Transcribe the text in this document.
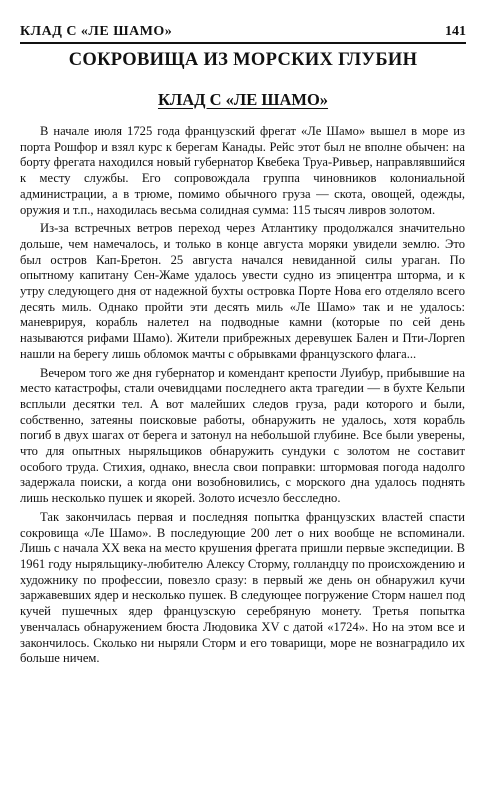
КЛАД С «ЛЕ ШАМО»	141
СОКРОВИЩА ИЗ МОРСКИХ ГЛУБИН
КЛАД С «ЛЕ ШАМО»

В начале июля 1725 года французский фрегат «Ле Шамо» вышел в море из порта Рошфор и взял курс к берегам Канады. Рейс этот был не вполне обычен: на борту фрегата находился новый губернатор Квебека Труа-Ривьер, направлявшийся к месту службы. Его сопровождала группа чиновников колониальной администрации, а в трюме, помимо обычного груза — скота, овощей, одежды, оружия и т.п., находилась весьма солидная сумма: 115 тысяч ливров золотом.

Из-за встречных ветров переход через Атлантику продолжался значительно дольше, чем намечалось, и только в конце августа моряки увидели землю. Это был остров Кап-Бретон. 25 августа начался невиданной силы ураган. По опытному капитану Сен-Жаме удалось увести судно из эпицентра шторма, и к утру следующего дня от надежной бухты островка Порте Нова его отделяло всего десять миль. Однако пройти эти десять миль «Ле Шамо» так и не удалось: маневрируя, корабль налетел на подводные камни (которые по сей день называются рифами Шамо). Жители прибрежных деревушек Бален и Пти-Лорren нашли на берегу лишь обломок мачты с обрывками французского флага...

Вечером того же дня губернатор и комендант крепости Луибур, прибывшие на место катастрофы, стали очевидцами последнего акта трагедии — в бухте Кельпи всплыли десятки тел. А вот малейших следов груза, ради которого и были, собственно, затеяны поисковые работы, обнаружить не удалось, хотя корабль погиб в двух шагах от берега и затонул на небольшой глубине. Все были уверены, что для опытных ныряльщиков обнаружить сундуки с золотом не составит особого труда. Стихия, однако, внесла свои поправки: штормовая погода надолго задержала поиски, а когда они возобновились, с морского дна удалось поднять лишь несколько пушек и якорей. Золото исчезло бесследно.

Так закончилась первая и последняя попытка французских властей спасти сокровища «Ле Шамо». В последующие 200 лет о них вообще не вспоминали. Лишь с начала XX века на место крушения фрегата пришли первые экспедиции. В 1961 году ныряльщику-любителю Алексу Сторму, голландцу по происхождению и художнику по профессии, повезло сразу: в первый же день он обнаружил кучи заржавевших ядер и несколько пушек. В следующее погружение Сторм нашел под кучей пушечных ядер французскую серебряную монету. Третья попытка увенчалась обнаружением бюста Людовика XV с датой «1724». Но на этом все и закончилось. Сколько ни ныряли Сторм и его товарищи, море не вознаградило их больше ничем.
